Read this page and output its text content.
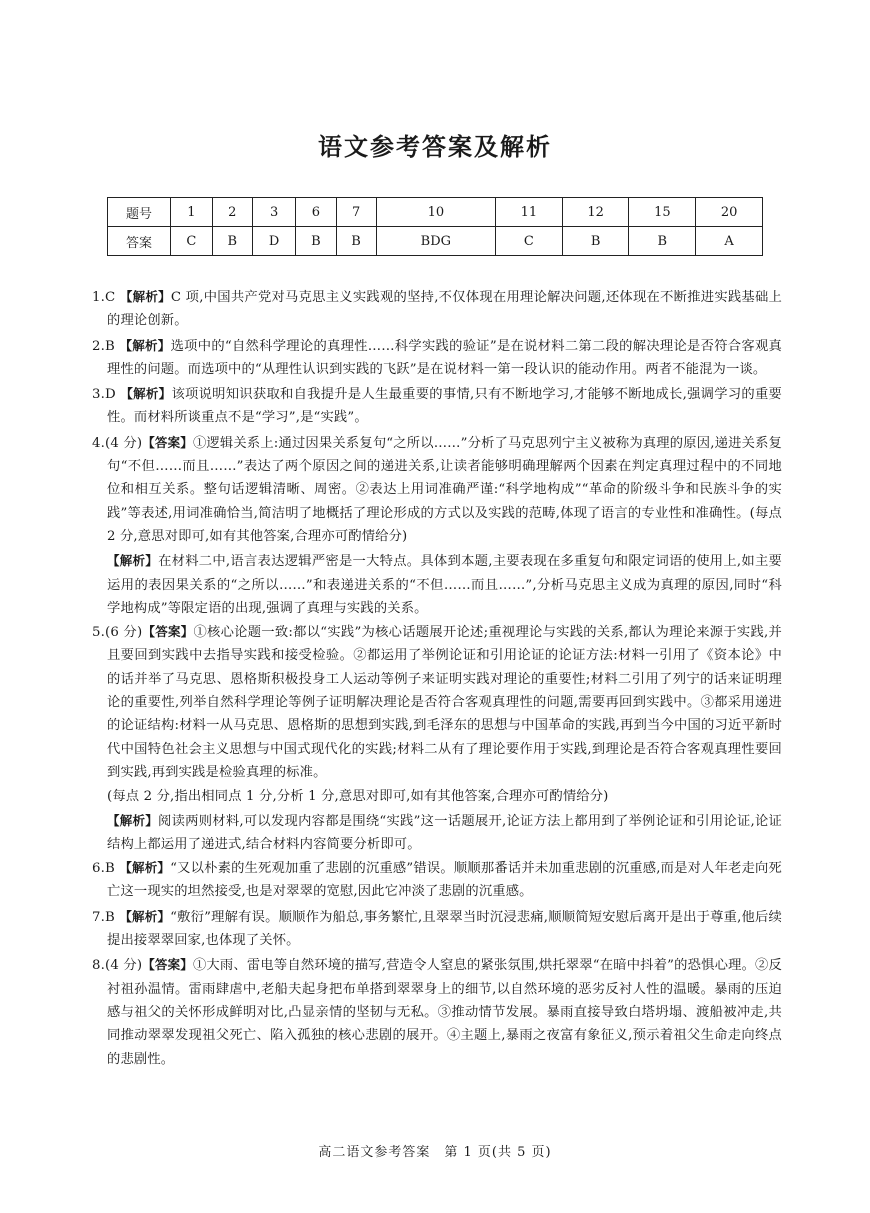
语文参考答案及解析
题号	1	2	3	6	7	10	11	12	15	20
答案	C	B	D	B	B	BDG	C	B	B	A

1.C 【解析】C 项,中国共产党对马克思主义实践观的坚持,不仅体现在用理论解决问题,还体现在不断推进实践基础上的理论创新。

2.B 【解析】选项中的“自然科学理论的真理性……科学实践的验证”是在说材料二第二段的解决理论是否符合客观真理性的问题。而选项中的“从理性认识到实践的飞跃”是在说材料一第一段认识的能动作用。两者不能混为一谈。

3.D 【解析】该项说明知识获取和自我提升是人生最重要的事情,只有不断地学习,才能够不断地成长,强调学习的重要性。而材料所谈重点不是“学习”,是“实践”。

4.(4 分)【答案】①逻辑关系上:通过因果关系复句“之所以……”分析了马克思列宁主义被称为真理的原因,递进关系复句“不但……而且……”表达了两个原因之间的递进关系,让读者能够明确理解两个因素在判定真理过程中的不同地位和相互关系。整句话逻辑清晰、周密。②表达上用词准确严谨:“科学地构成”“革命的阶级斗争和民族斗争的实践”等表述,用词准确恰当,简洁明了地概括了理论形成的方式以及实践的范畴,体现了语言的专业性和准确性。(每点 2 分,意思对即可,如有其他答案,合理亦可酌情给分)

【解析】在材料二中,语言表达逻辑严密是一大特点。具体到本题,主要表现在多重复句和限定词语的使用上,如主要运用的表因果关系的“之所以……”和表递进关系的“不但……而且……”,分析马克思主义成为真理的原因,同时“科学地构成”等限定语的出现,强调了真理与实践的关系。

5.(6 分)【答案】①核心论题一致:都以“实践”为核心话题展开论述;重视理论与实践的关系,都认为理论来源于实践,并且要回到实践中去指导实践和接受检验。②都运用了举例论证和引用论证的论证方法:材料一引用了《资本论》中的话并举了马克思、恩格斯积极投身工人运动等例子来证明实践对理论的重要性;材料二引用了列宁的话来证明理论的重要性,列举自然科学理论等例子证明解决理论是否符合客观真理性的问题,需要再回到实践中。③都采用递进的论证结构:材料一从马克思、恩格斯的思想到实践,到毛泽东的思想与中国革命的实践,再到当今中国的习近平新时代中国特色社会主义思想与中国式现代化的实践;材料二从有了理论要作用于实践,到理论是否符合客观真理性要回到实践,再到实践是检验真理的标准。

(每点 2 分,指出相同点 1 分,分析 1 分,意思对即可,如有其他答案,合理亦可酌情给分)

【解析】阅读两则材料,可以发现内容都是围绕“实践”这一话题展开,论证方法上都用到了举例论证和引用论证,论证结构上都运用了递进式,结合材料内容简要分析即可。

6.B 【解析】“又以朴素的生死观加重了悲剧的沉重感”错误。顺顺那番话并未加重悲剧的沉重感,而是对人年老走向死亡这一现实的坦然接受,也是对翠翠的宽慰,因此它冲淡了悲剧的沉重感。

7.B 【解析】“敷衍”理解有误。顺顺作为船总,事务繁忙,且翠翠当时沉浸悲痛,顺顺简短安慰后离开是出于尊重,他后续提出接翠翠回家,也体现了关怀。

8.(4 分)【答案】①大雨、雷电等自然环境的描写,营造令人窒息的紧张氛围,烘托翠翠“在暗中抖着”的恐惧心理。②反衬祖孙温情。雷雨肆虐中,老船夫起身把布单搭到翠翠身上的细节,以自然环境的恶劣反衬人性的温暖。暴雨的压迫感与祖父的关怀形成鲜明对比,凸显亲情的坚韧与无私。③推动情节发展。暴雨直接导致白塔坍塌、渡船被冲走,共同推动翠翠发现祖父死亡、陷入孤独的核心悲剧的展开。④主题上,暴雨之夜富有象征义,预示着祖父生命走向终点的悲剧性。

高二语文参考答案　第 1 页(共 5 页)
